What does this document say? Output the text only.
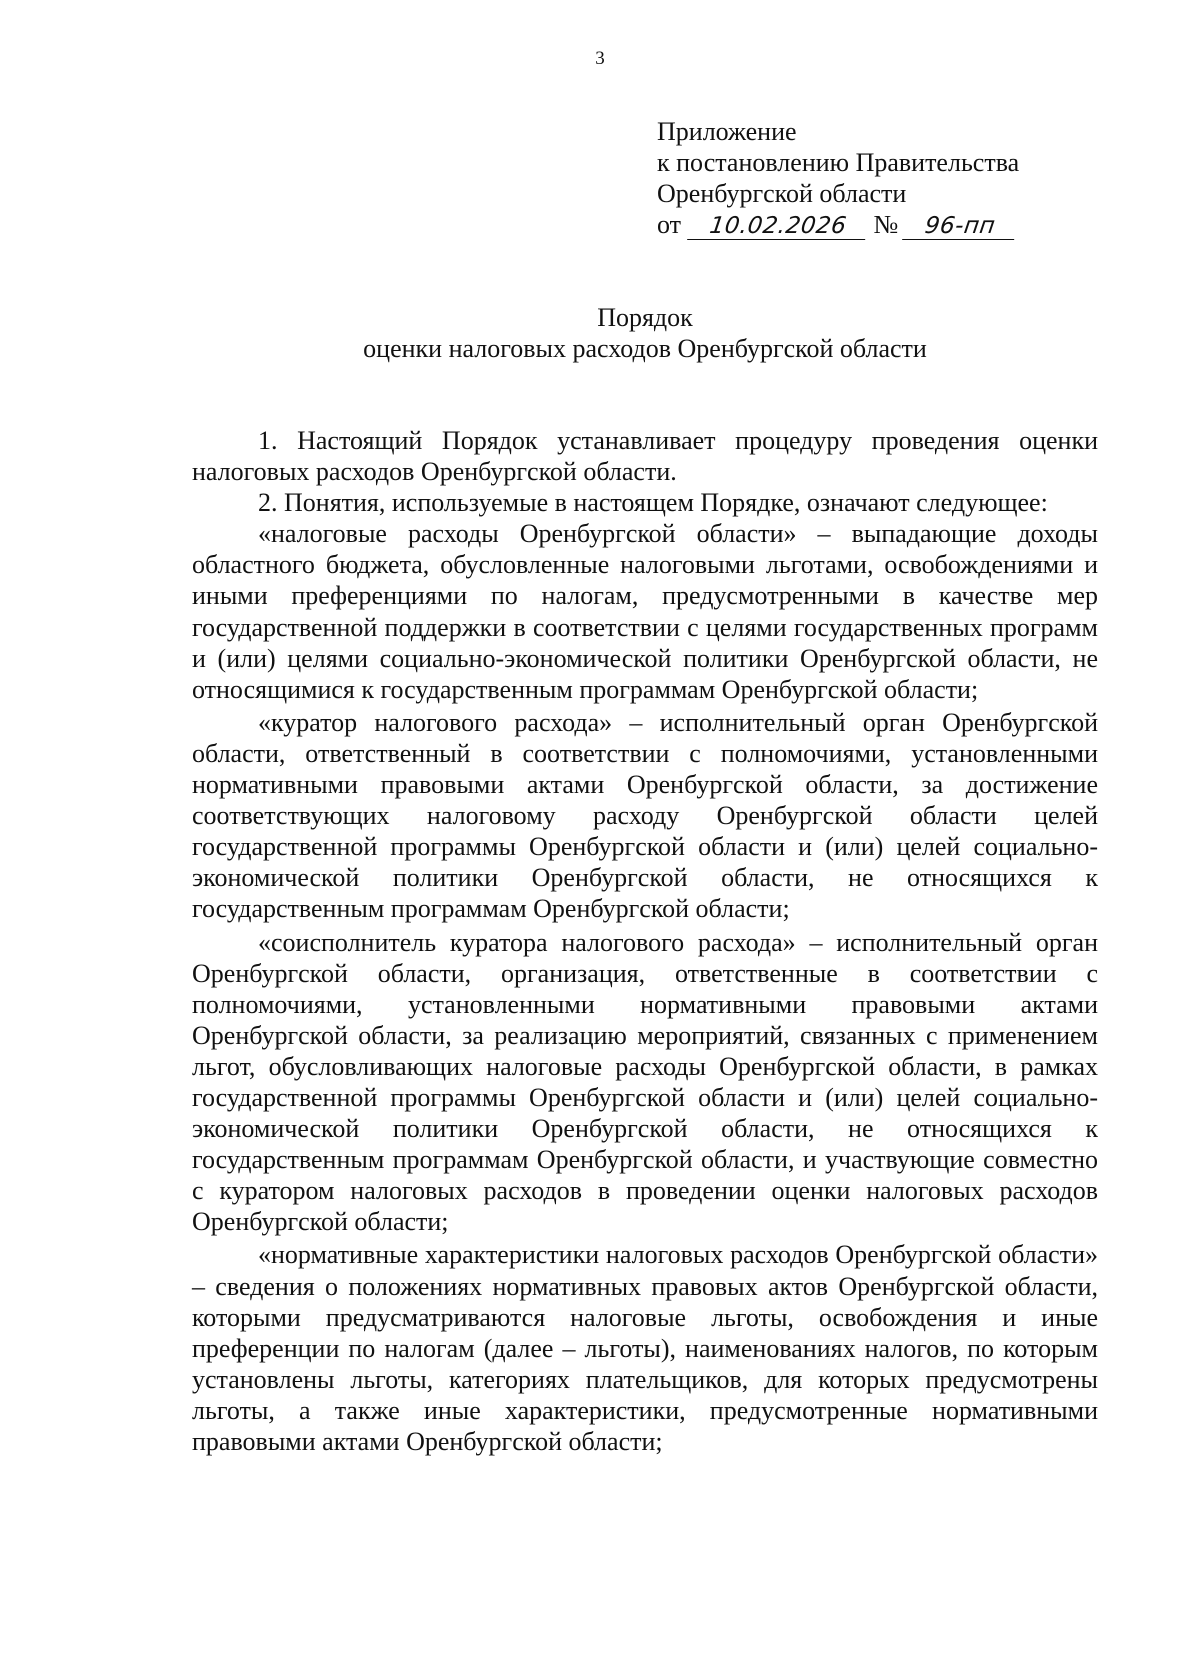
3
Приложение
к постановлению Правительства
Оренбургской области
от 10.02.2026 № 96-пп
Порядок
оценки налоговых расходов Оренбургской области

1. Настоящий Порядок устанавливает процедуру проведения оценки налоговых расходов Оренбургской области.

2. Понятия, используемые в настоящем Порядке, означают следующее:

«налоговые расходы Оренбургской области» – выпадающие доходы областного бюджета, обусловленные налоговыми льготами, освобождениями и иными преференциями по налогам, предусмотренными в качестве мер государственной поддержки в соответствии с целями государственных программ и (или) целями социально-экономической политики Оренбургской области, не относящимися к государственным программам Оренбургской области;

«куратор налогового расхода» – исполнительный орган Оренбургской области, ответственный в соответствии с полномочиями, установленными нормативными правовыми актами Оренбургской области, за достижение соответствующих налоговому расходу Оренбургской области целей государственной программы Оренбургской области и (или) целей социально-экономической политики Оренбургской области, не относящихся к государственным программам Оренбургской области;

«соисполнитель куратора налогового расхода» – исполнительный орган Оренбургской области, организация, ответственные в соответствии с полномочиями, установленными нормативными правовыми актами Оренбургской области, за реализацию мероприятий, связанных с применением льгот, обусловливающих налоговые расходы Оренбургской области, в рамках государственной программы Оренбургской области и (или) целей социально-экономической политики Оренбургской области, не относящихся к государственным программам Оренбургской области, и участвующие совместно с куратором налоговых расходов в проведении оценки налоговых расходов Оренбургской области;

«нормативные характеристики налоговых расходов Оренбургской области» – сведения о положениях нормативных правовых актов Оренбургской области, которыми предусматриваются налоговые льготы, освобождения и иные преференции по налогам (далее – льготы), наименованиях налогов, по которым установлены льготы, категориях плательщиков, для которых предусмотрены льготы, а также иные характеристики, предусмотренные нормативными правовыми актами Оренбургской области;
